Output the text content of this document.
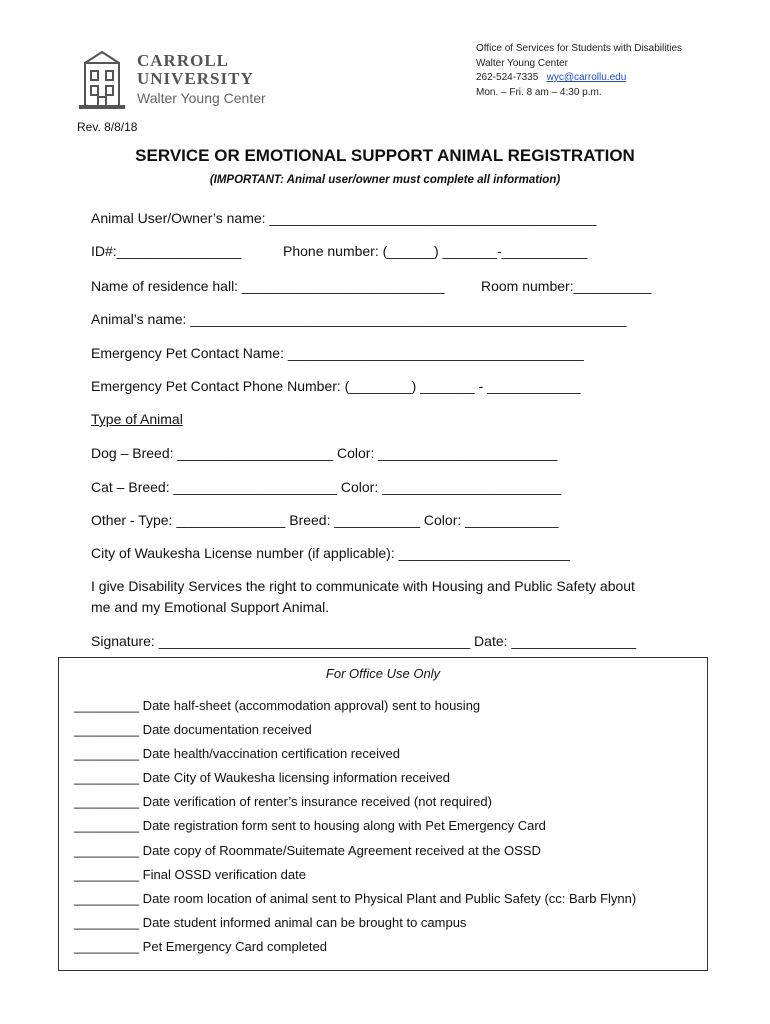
CARROLL
UNIVERSITY
Walter Young Center
Office of Services for Students with Disabilities
Walter Young Center
262-524-7335 wyc@carrollu.edu
Mon. – Fri. 8 am – 4:30 p.m.
Rev. 8/8/18
SERVICE OR EMOTIONAL SUPPORT ANIMAL REGISTRATION
(IMPORTANT: Animal user/owner must complete all information)
Animal User/Owner’s name: __________________________________________
ID#:________________	Phone number: (______) _______-___________
Name of residence hall: __________________________	Room number:__________
Animal’s name: ________________________________________________________
Emergency Pet Contact Name: ______________________________________
Emergency Pet Contact Phone Number: (________) _______ - ____________
Type of Animal
Dog – Breed: ____________________ Color: _______________________
Cat – Breed: _____________________ Color: _______________________
Other - Type: ______________ Breed: ___________ Color: ____________
City of Waukesha License number (if applicable): ______________________
I give Disability Services the right to communicate with Housing and Public Safety about
me and my Emotional Support Animal.
Signature: ________________________________________ Date: ________________
For Office Use Only
_________ Date half-sheet (accommodation approval) sent to housing
_________ Date documentation received
_________ Date health/vaccination certification received
_________ Date City of Waukesha licensing information received
_________ Date verification of renter’s insurance received (not required)
_________ Date registration form sent to housing along with Pet Emergency Card
_________ Date copy of Roommate/Suitemate Agreement received at the OSSD
_________ Final OSSD verification date
_________ Date room location of animal sent to Physical Plant and Public Safety (cc: Barb Flynn)
_________ Date student informed animal can be brought to campus
_________ Pet Emergency Card completed
